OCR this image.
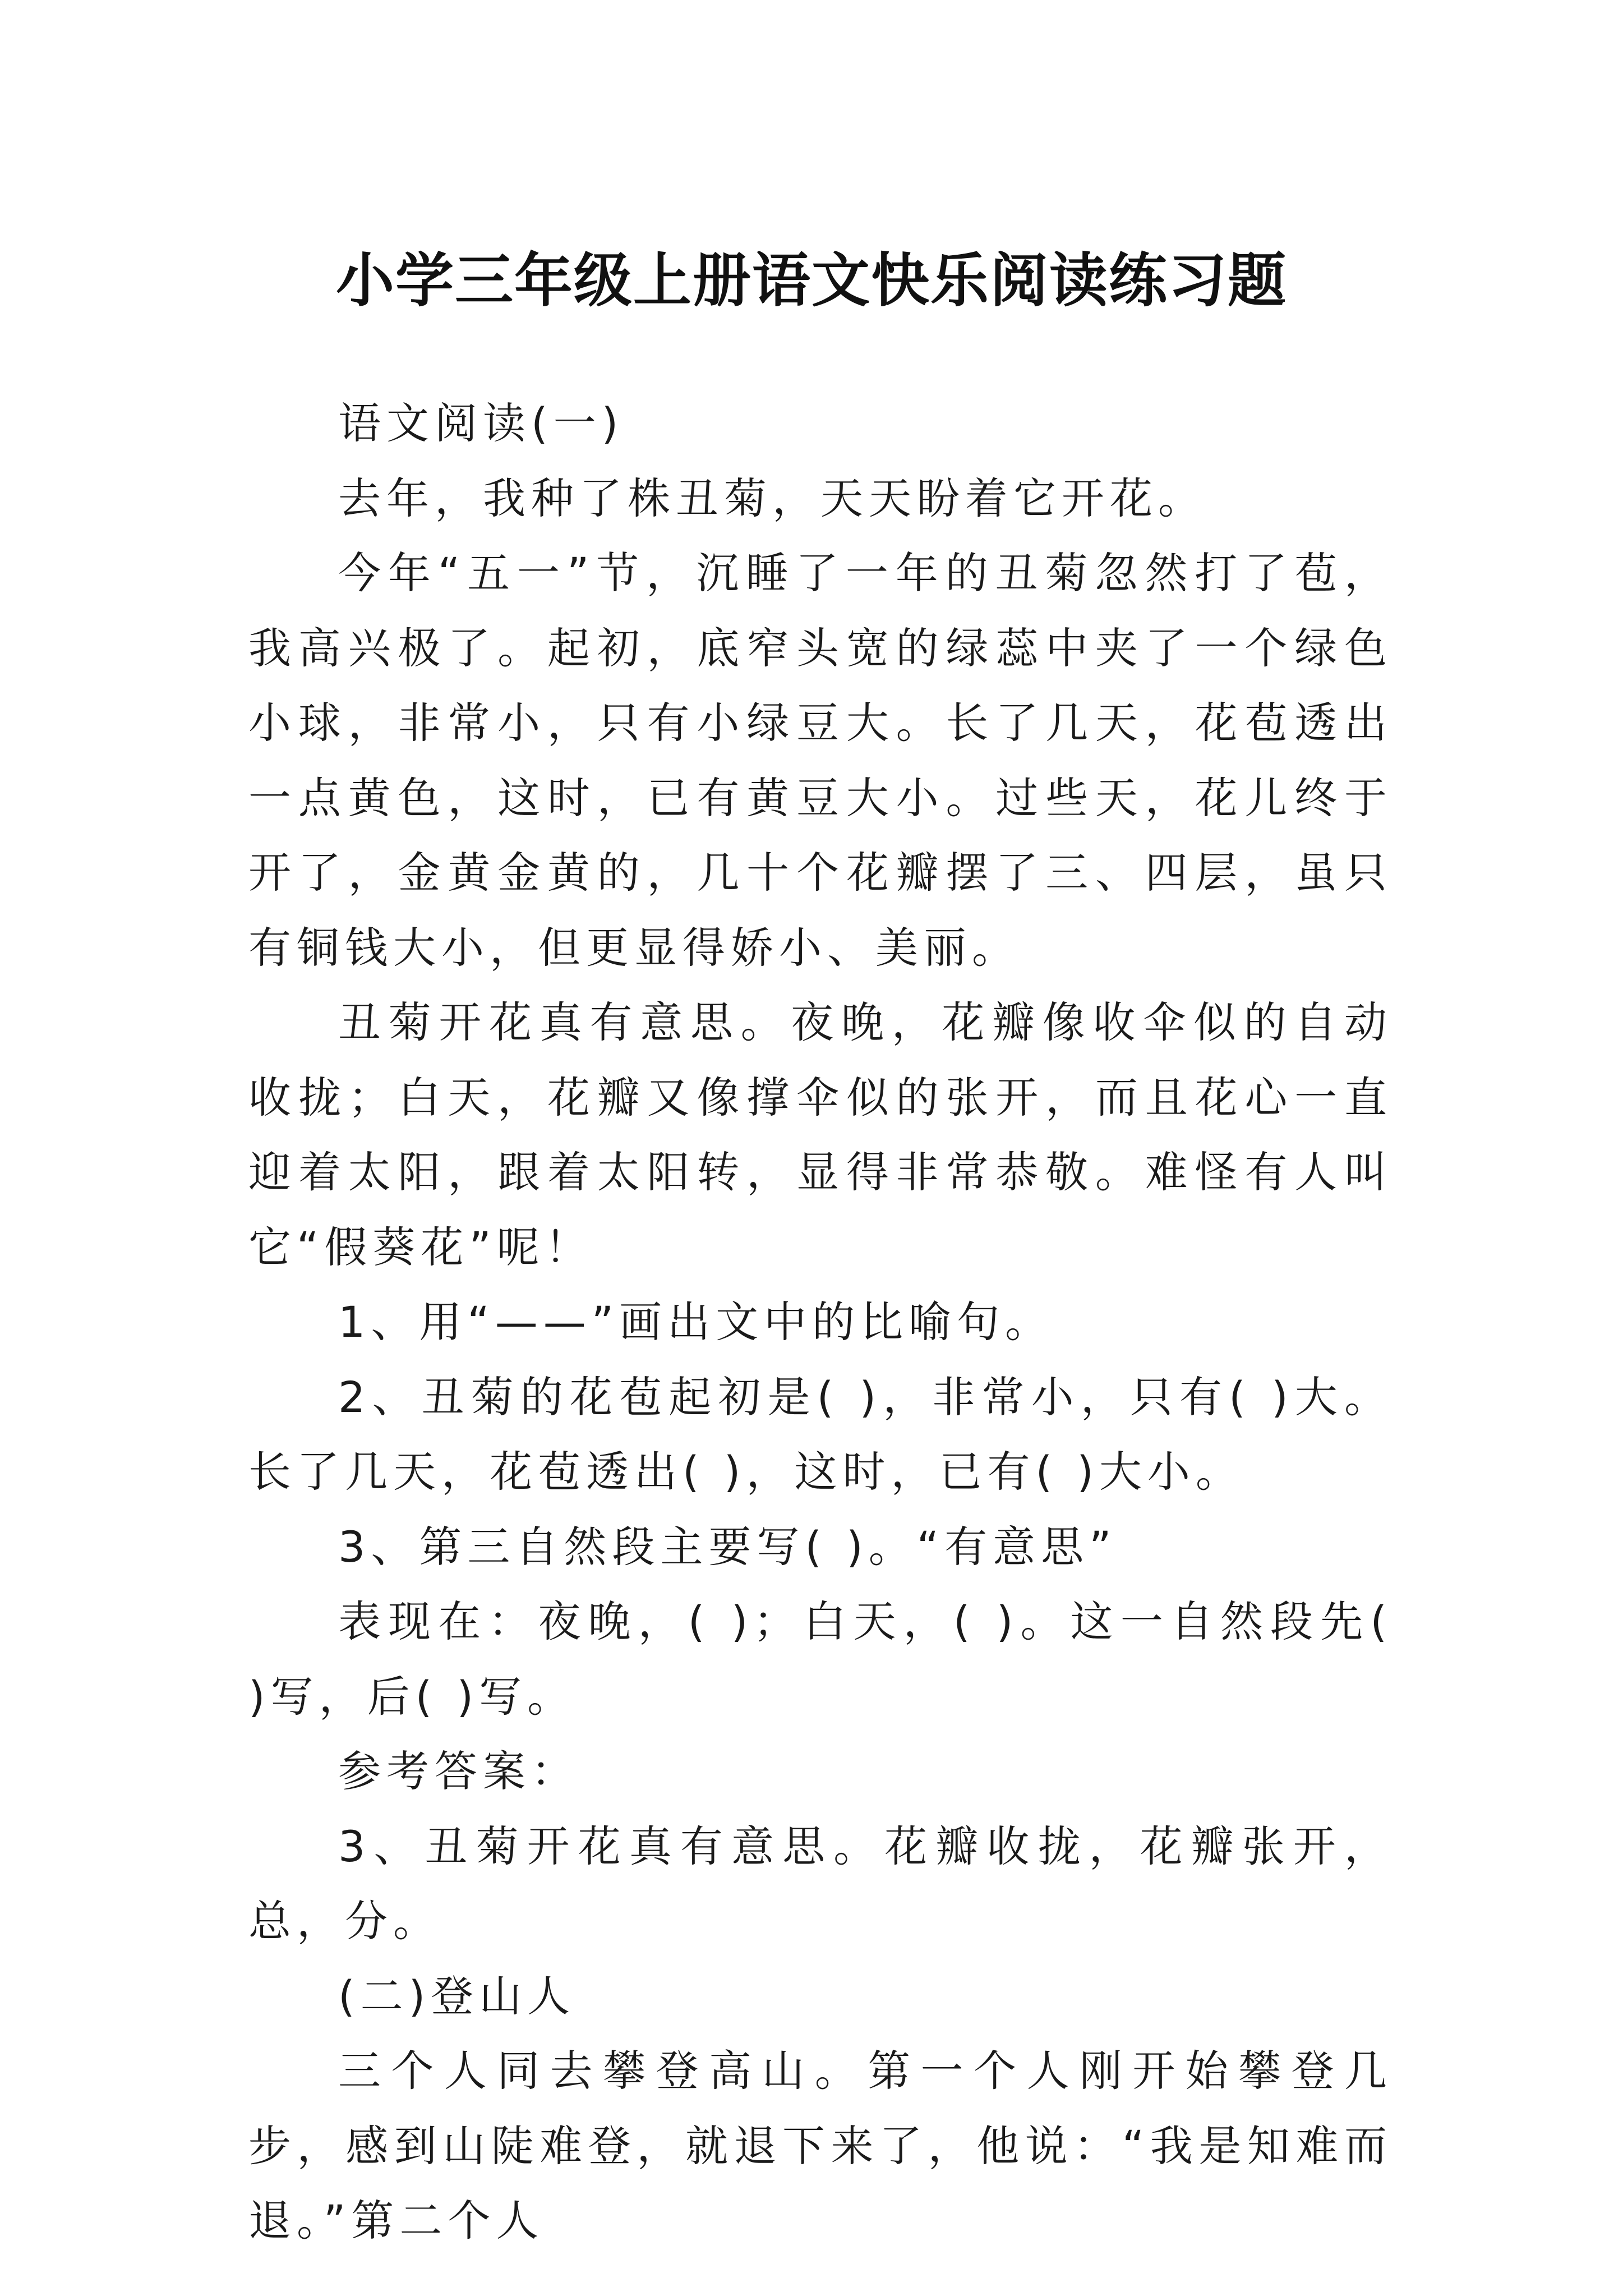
小学三年级上册语文快乐阅读练习题

语文阅读(一)

去年，我种了株丑菊，天天盼着它开花。

今年“五一”节，沉睡了一年的丑菊忽然打了苞，我高兴极了。起初，底窄头宽的绿蕊中夹了一个绿色小球，非常小，只有小绿豆大。长了几天，花苞透出一点黄色，这时，已有黄豆大小。过些天，花儿终于开了，金黄金黄的，几十个花瓣摆了三、四层，虽只有铜钱大小，但更显得娇小、美丽。

丑菊开花真有意思。夜晚，花瓣像收伞似的自动收拢；白天，花瓣又像撑伞似的张开，而且花心一直迎着太阳，跟着太阳转，显得非常恭敬。难怪有人叫它“假葵花”呢！

1、用“——”画出文中的比喻句。

2、丑菊的花苞起初是( )，非常小，只有( )大。长了几天，花苞透出( )，这时，已有( )大小。

3、第三自然段主要写( )。“有意思”

表现在：夜晚，( )；白天，( )。这一自然段先( )写，后( )写。

参考答案：

3、丑菊开花真有意思。花瓣收拢，花瓣张开，总，分。

(二)登山人

三个人同去攀登高山。第一个人刚开始攀登几步，感到山陡难登，就退下来了，他说：“我是知难而退。”第二个人
